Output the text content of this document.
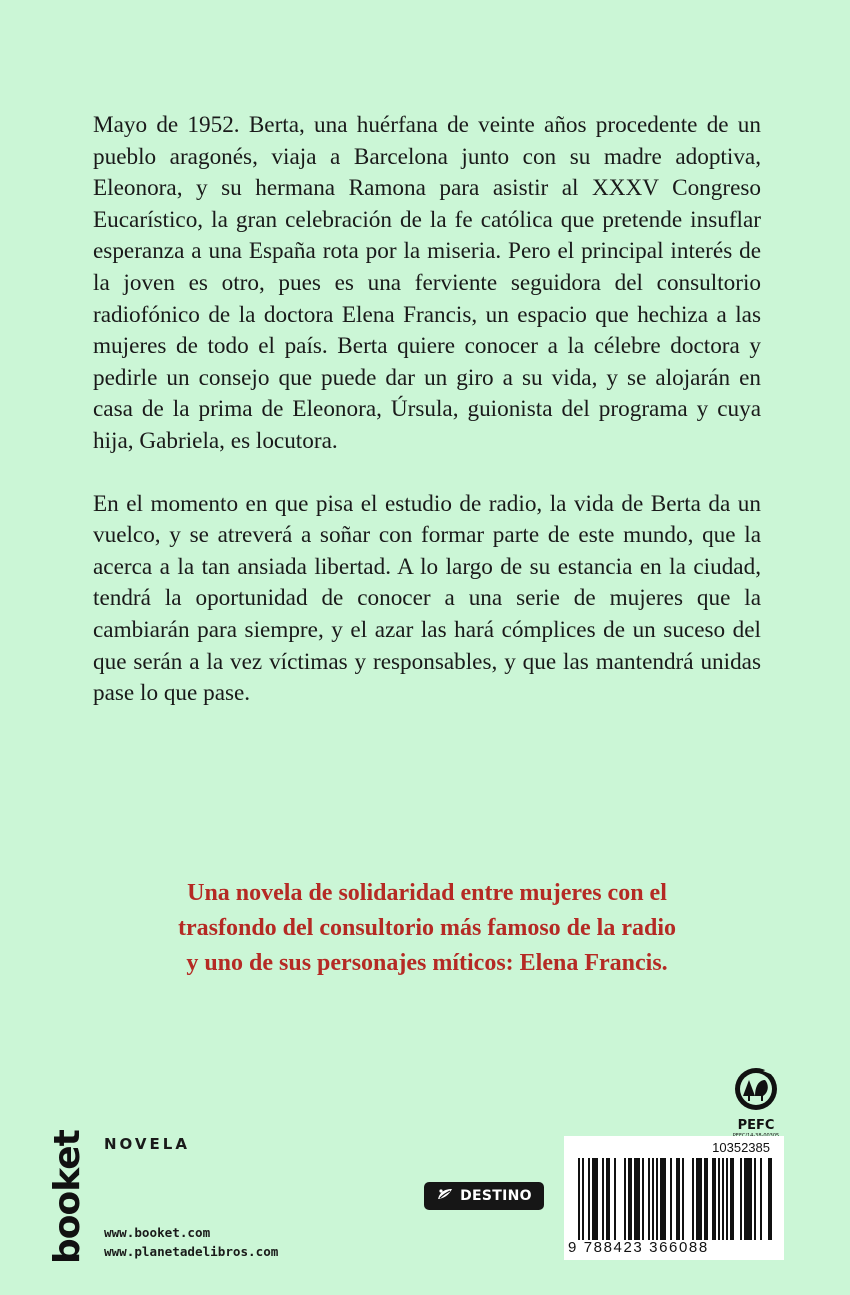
Mayo de 1952. Berta, una huérfana de veinte años procedente de un pueblo aragonés, viaja a Barcelona junto con su madre adoptiva, Eleonora, y su hermana Ramona para asistir al XXXV Congreso Eucarístico, la gran celebración de la fe católica que pretende insuflar esperanza a una España rota por la miseria. Pero el principal interés de la joven es otro, pues es una ferviente seguidora del consultorio radiofónico de la doctora Elena Francis, un espacio que hechiza a las mujeres de todo el país. Berta quiere conocer a la célebre doctora y pedirle un consejo que puede dar un giro a su vida, y se alojarán en casa de la prima de Eleonora, Úrsula, guionista del programa y cuya hija, Gabriela, es locutora.

En el momento en que pisa el estudio de radio, la vida de Berta da un vuelco, y se atreverá a soñar con formar parte de este mundo, que la acerca a la tan ansiada libertad. A lo largo de su estancia en la ciudad, tendrá la oportunidad de conocer a una serie de mujeres que la cambiarán para siempre, y el azar las hará cómplices de un suceso del que serán a la vez víctimas y responsables, y que las mantendrá unidas pase lo que pase.

Una novela de solidaridad entre mujeres con el
trasfondo del consultorio más famoso de la radio
y uno de sus personajes míticos: Elena Francis.
booket NOVELA
www.booket.com
www.planetadelibros.com
DESTINO
PEFC
10352385
9 788423 366088
